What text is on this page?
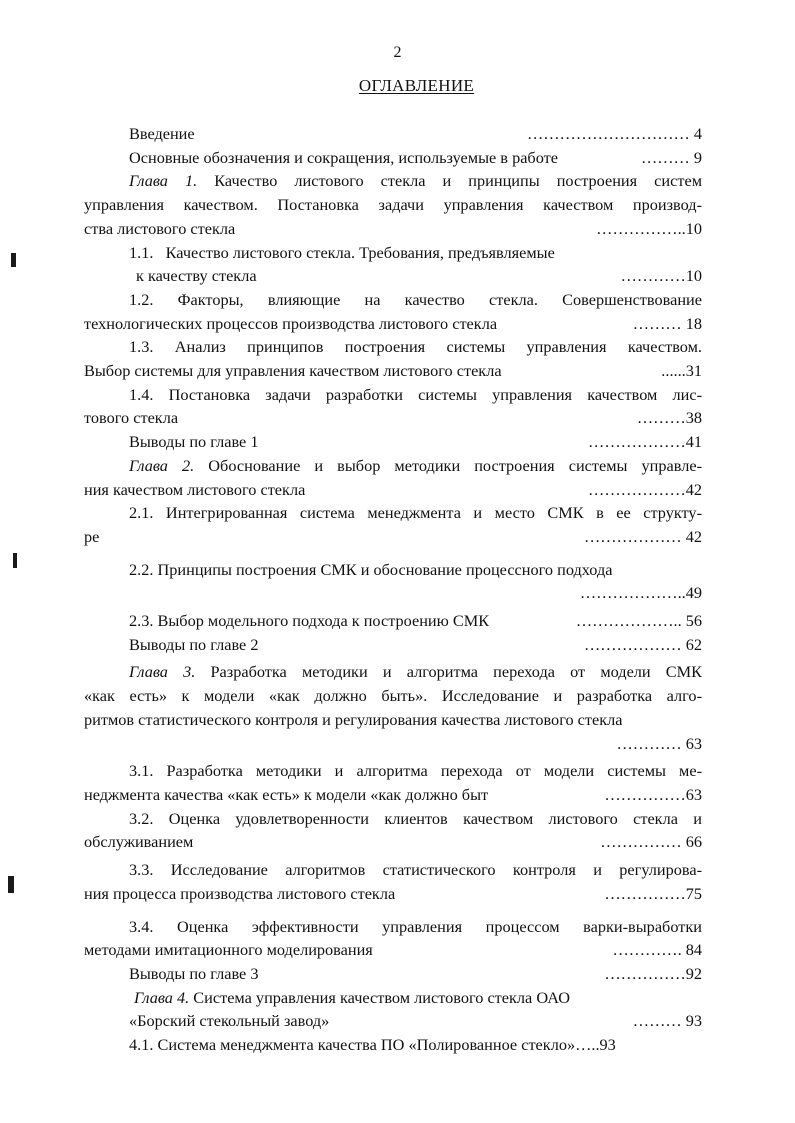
2
ОГЛАВЛЕНИЕ
Введение	………………………… 4
Основные обозначения и сокращения, используемые в работе	……… 9
Глава 1. Качество листового стекла и принципы построения систем
управления качеством. Постановка задачи управления качеством производ-
ства листового стекла	……………..10
1.1. Качество листового стекла. Требования, предъявляемые
к качеству стекла	…………10
1.2. Факторы, влияющие на качество стекла. Совершенствование
технологических процессов производства листового стекла	……… 18
1.3. Анализ принципов построения системы управления качеством.
Выбор системы для управления качеством листового стекла	......31
1.4. Постановка задачи разработки системы управления качеством лис-
тового стекла	………38
Выводы по главе 1	………………41
Глава 2. Обоснование и выбор методики построения системы управле-
ния качеством листового стекла	………………42
2.1. Интегрированная система менеджмента и место СМК в ее структу-
ре	……………… 42
2.2. Принципы построения СМК и обоснование процессного подхода
………………..49

2.3. Выбор модельного подхода к построению СМК	……………….. 56
Выводы по главе 2	……………… 62
Глава 3. Разработка методики и алгоритма перехода от модели СМК
«как есть» к модели «как должно быть». Исследование и разработка алго-
ритмов статистического контроля и регулирования качества листового стекла
………… 63

3.1. Разработка методики и алгоритма перехода от модели системы ме-
неджмента качества «как есть» к модели «как должно быт	……………63
3.2. Оценка удовлетворенности клиентов качеством листового стекла и
обслуживанием	…………… 66
3.3. Исследование алгоритмов статистического контроля и регулирова-
ния процесса производства листового стекла	……………75
3.4. Оценка эффективности управления процессом варки-выработки
методами имитационного моделирования	…………. 84
Выводы по главе 3	……………92
Глава 4. Система управления качеством листового стекла ОАО
«Борский стекольный завод»	……… 93
4.1. Система менеджмента качества ПО «Полированное стекло»…..93
